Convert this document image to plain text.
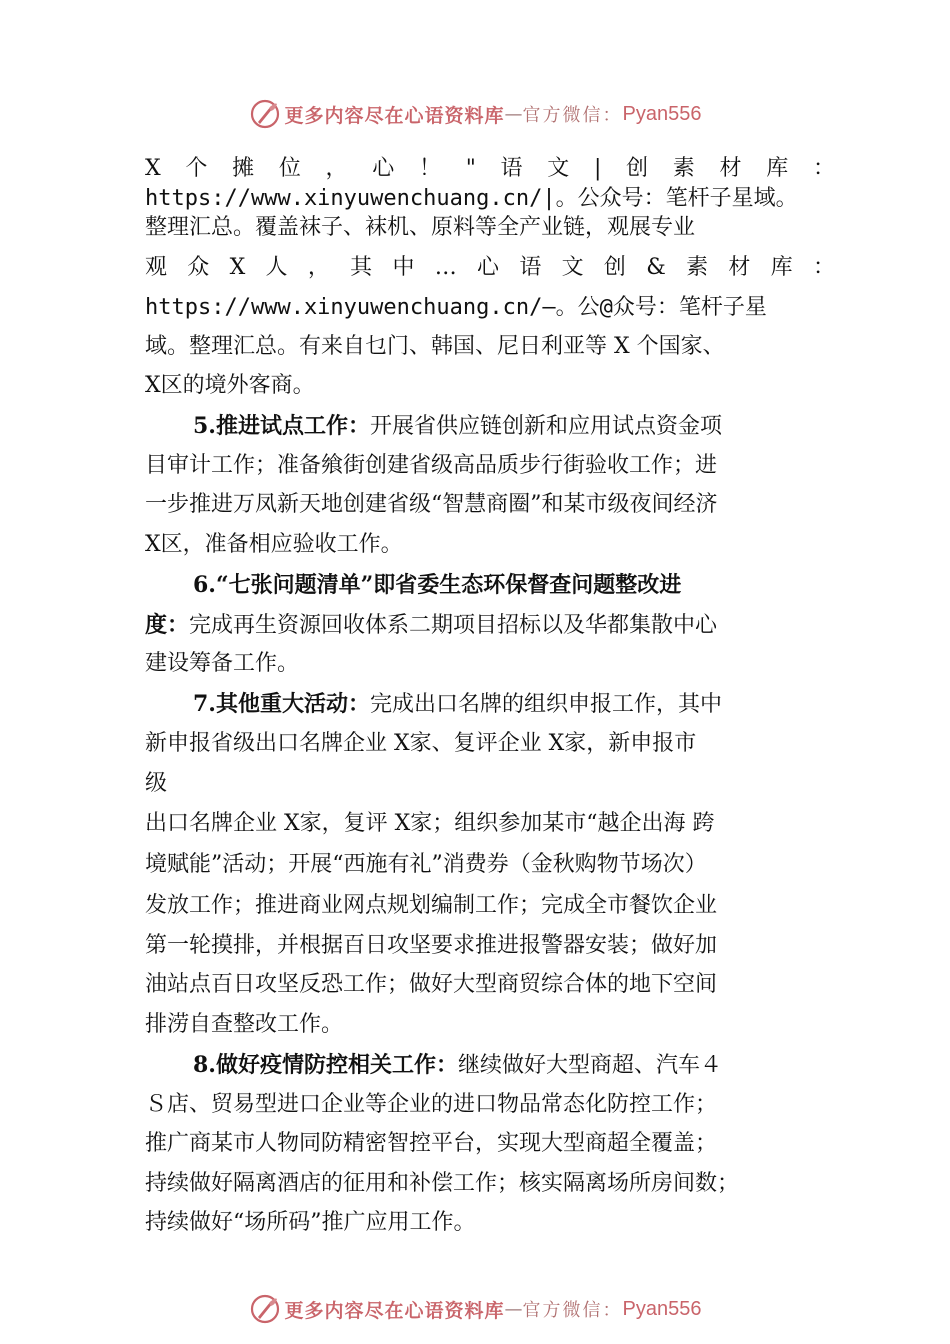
更多内容尽在心语资料库 — 官方微信： Pyan556
X 个 摊 位 ， 心 ！ " 语 文 | 创 素 材 库 ：
https://www.xinyuwenchuang.cn/|。公众号：笔杆子星域。
整理汇总。覆盖袜子、袜机、原料等全产业链，观展专业
观 众 X 人 ， 其 中 … 心 语 文 创 & 素 材 库 ：
https://www.xinyuwenchuang.cn/—。公@众号：笔杆子星
域。整理汇总。有来自乜门、韩国、尼日利亚等 X 个国家、
X区的境外客商。
5.推进试点工作：开展省供应链创新和应用试点资金项
目审计工作；准备飨街创建省级高品质步行街验收工作；进
一步推进万凤新天地创建省级“智慧商圈”和某市级夜间经济
X区，准备相应验收工作。
6.“七张问题清单”即省委生态环保督查问题整改进
度：完成再生资源回收体系二期项目招标以及华都集散中心
建设筹备工作。
7.其他重大活动：完成出口名牌的组织申报工作，其中
新申报省级出口名牌企业 X家、复评企业 X家，新申报市
级
出口名牌企业 X家，复评 X家；组织参加某市“越企出海 跨
境赋能”活动；开展“西施有礼”消费券（金秋购物节场次）
发放工作；推进商业网点规划编制工作；完成全市餐饮企业
第一轮摸排，并根据百日攻坚要求推进报警器安装；做好加
油站点百日攻坚反恐工作；做好大型商贸综合体的地下空间
排涝自查整改工作。
8.做好疫情防控相关工作：继续做好大型商超、汽车４
Ｓ店、贸易型进口企业等企业的进口物品常态化防控工作；
推广商某市人物同防精密智控平台，实现大型商超全覆盖；
持续做好隔离酒店的征用和补偿工作；核实隔离场所房间数；
持续做好“场所码”推广应用工作。
更多内容尽在心语资料库 — 官方微信： Pyan556
